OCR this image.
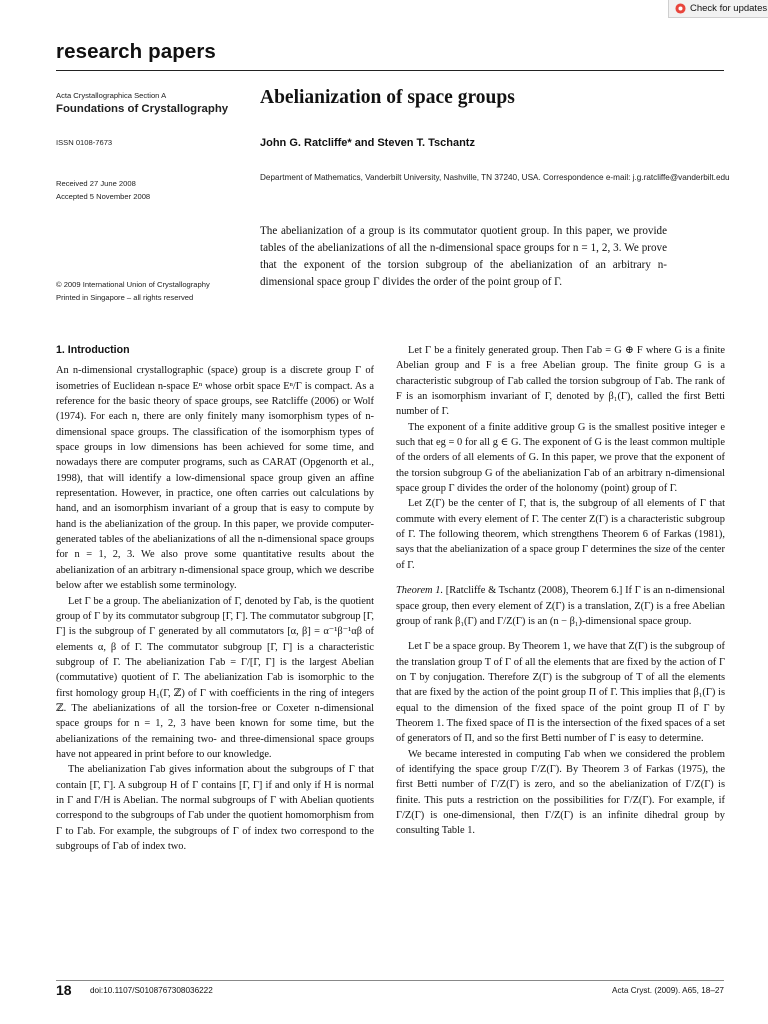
Check for updates
research papers
Acta Crystallographica Section A
Foundations of Crystallography
ISSN 0108-7673
Received 27 June 2008
Accepted 5 November 2008
© 2009 International Union of Crystallography
Printed in Singapore – all rights reserved
Abelianization of space groups
John G. Ratcliffe* and Steven T. Tschantz
Department of Mathematics, Vanderbilt University, Nashville, TN 37240, USA. Correspondence e-mail: j.g.ratcliffe@vanderbilt.edu
The abelianization of a group is its commutator quotient group. In this paper, we provide tables of the abelianizations of all the n-dimensional space groups for n = 1, 2, 3. We prove that the exponent of the torsion subgroup of the abelianization of an arbitrary n-dimensional space group Γ divides the order of the point group of Γ.
1. Introduction

An n-dimensional crystallographic (space) group is a discrete group Γ of isometries of Euclidean n-space Eⁿ whose orbit space Eⁿ/Γ is compact. As a reference for the basic theory of space groups, see Ratcliffe (2006) or Wolf (1974). For each n, there are only finitely many isomorphism types of n-dimensional space groups. The classification of the isomorphism types of space groups in low dimensions has been achieved for some time, and nowadays there are computer programs, such as CARAT (Opgenorth et al., 1998), that will identify a low-dimensional space group given an affine representation. However, in practice, one often carries out calculations by hand, and an isomorphism invariant of a group that is easy to compute by hand is the abelianization of the group. In this paper, we provide computer-generated tables of the abelianizations of all the n-dimensional space groups for n = 1, 2, 3. We also prove some quantitative results about the abelianization of an arbitrary n-dimensional space group, which we describe below after we establish some terminology.

Let Γ be a group. The abelianization of Γ, denoted by Γab, is the quotient group of Γ by its commutator subgroup [Γ, Γ]. The commutator subgroup [Γ, Γ] is the subgroup of Γ generated by all commutators [α, β] = α⁻¹β⁻¹αβ of elements α, β of Γ. The commutator subgroup [Γ, Γ] is a characteristic subgroup of Γ. The abelianization Γab = Γ/[Γ, Γ] is the largest Abelian (commutative) quotient of Γ. The abelianization Γab is isomorphic to the first homology group H₁(Γ, ℤ) of Γ with coefficients in the ring of integers ℤ. The abelianizations of all the torsion-free or Coxeter n-dimensional space groups for n = 1, 2, 3 have been known for some time, but the abelianizations of the remaining two- and three-dimensional space groups have not appeared in print before to our knowledge.

The abelianization Γab gives information about the subgroups of Γ that contain [Γ, Γ]. A subgroup H of Γ contains [Γ, Γ] if and only if H is normal in Γ and Γ/H is Abelian. The normal subgroups of Γ with Abelian quotients correspond to the subgroups of Γab under the quotient homomorphism from Γ to Γab. For example, the subgroups of Γ of index two correspond to the subgroups of Γab of index two.

Let Γ be a finitely generated group. Then Γab = G ⊕ F where G is a finite Abelian group and F is a free Abelian group. The finite group G is a characteristic subgroup of Γab called the torsion subgroup of Γab. The rank of F is an isomorphism invariant of Γ, denoted by β₁(Γ), called the first Betti number of Γ.

The exponent of a finite additive group G is the smallest positive integer e such that eg = 0 for all g ∈ G. The exponent of G is the least common multiple of the orders of all elements of G. In this paper, we prove that the exponent of the torsion subgroup G of the abelianization Γab of an arbitrary n-dimensional space group Γ divides the order of the holonomy (point) group of Γ.

Let Z(Γ) be the center of Γ, that is, the subgroup of all elements of Γ that commute with every element of Γ. The center Z(Γ) is a characteristic subgroup of Γ. The following theorem, which strengthens Theorem 6 of Farkas (1981), says that the abelianization of a space group Γ determines the size of the center of Γ.

Theorem 1. [Ratcliffe & Tschantz (2008), Theorem 6.] If Γ is an n-dimensional space group, then every element of Z(Γ) is a translation, Z(Γ) is a free Abelian group of rank β₁(Γ) and Γ/Z(Γ) is an (n − β₁)-dimensional space group.

Let Γ be a space group. By Theorem 1, we have that Z(Γ) is the subgroup of the translation group T of Γ of all the elements that are fixed by the action of Γ on T by conjugation. Therefore Z(Γ) is the subgroup of T of all the elements that are fixed by the action of the point group Π of Γ. This implies that β₁(Γ) is equal to the dimension of the fixed space of the point group Π of Γ by Theorem 1. The fixed space of Π is the intersection of the fixed spaces of a set of generators of Π, and so the first Betti number of Γ is easy to determine.

We became interested in computing Γab when we considered the problem of identifying the space group Γ/Z(Γ). By Theorem 3 of Farkas (1975), the first Betti number of Γ/Z(Γ) is zero, and so the abelianization of Γ/Z(Γ) is finite. This puts a restriction on the possibilities for Γ/Z(Γ). For example, if Γ/Z(Γ) is one-dimensional, then Γ/Z(Γ) is an infinite dihedral group by consulting Table 1.

18 doi:10.1107/S0108767308036222	Acta Cryst. (2009). A65, 18–27
